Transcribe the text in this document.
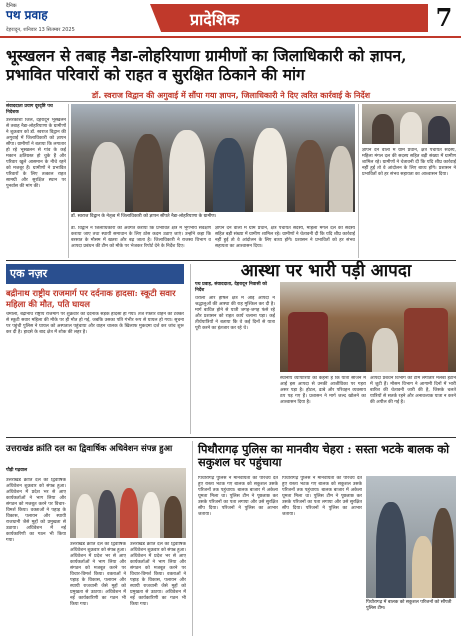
दैनिक
पथ प्रवाह
देहरादून, शनिवार 13 सितम्बर 2025
प्रादेशिक	7
भूस्खलन से तबाह नैडा-लोहरियाणा ग्रामीणों का जिलाधिकारी को ज्ञापन, प्रभावित परिवारों को राहत व सुरक्षित ठिकाने की मांग
डॉ. स्वराज विद्वान की अगुवाई में सौंपा गया ज्ञापन, जिलाधिकारी ने दिए त्वरित कार्रवाई के निर्देश
संवाददाता प्रयाग दूरदृष्टि पथ निदेशक
उत्तरकाशी जिले, देहरादून भूस्खलन से तबाह नैडा-लोहरियाणा के ग्रामीणों ने शुक्रवार को डॉ. स्वराज विद्वान की अगुवाई में जिलाधिकारी को ज्ञापन सौंपा। ग्रामीणों ने बताया कि लगातार हो रहे भूस्खलन से गांव के कई मकान क्षतिग्रस्त हो चुके हैं और परिवार खुले आसमान के नीचे रहने को मजबूर हैं। ग्रामीणों ने प्रभावित परिवारों के लिए तत्काल राहत सामग्री और सुरक्षित स्थान पर पुनर्वास की मांग की।
डॉ. स्वराज विद्वान के नेतृत्व में जिलाधिकारी को ज्ञापन सौंपते नैडा-लोहरियाणा के ग्रामीण।
डॉ. विद्वान ने जिलाधिकारी को अवगत कराया कि प्रभावित क्षेत्र में भूगर्भीय सर्वेक्षण कराया जाए तथा स्थायी समाधान के लिए ठोस कदम उठाए जाएं। उन्होंने कहा कि बरसात के मौसम में खतरा और बढ़ जाता है। जिलाधिकारी ने राजस्व विभाग व आपदा प्रबंधन की टीम को मौके पर भेजकर रिपोर्ट देने के निर्देश दिए।
ज्ञापन देने वालों में ग्राम प्रधान, क्षेत्र पंचायत सदस्य, महिला मंगल दल की सदस्य सहित बड़ी संख्या में ग्रामीण शामिल रहे। ग्रामीणों ने चेतावनी दी कि यदि शीघ्र कार्रवाई नहीं हुई तो वे आंदोलन के लिए बाध्य होंगे। प्रशासन ने प्रभावितों को हर संभव सहायता का आश्वासन दिया।
ज्ञापन देने वालों में ग्राम प्रधान, क्षेत्र पंचायत सदस्य, महिला मंगल दल की सदस्य सहित बड़ी संख्या में ग्रामीण शामिल रहे। ग्रामीणों ने चेतावनी दी कि यदि शीघ्र कार्रवाई नहीं हुई तो वे आंदोलन के लिए बाध्य होंगे। प्रशासन ने प्रभावितों को हर संभव सहायता का आश्वासन दिया।
एक नज़र
बद्रीनाथ राष्ट्रीय राजमार्ग पर दर्दनाक हादसा: स्कूटी सवार महिला की मौत, पति घायल
चमोली, बद्रीनाथ राष्ट्रीय राजमार्ग पर शुक्रवार को दर्दनाक सड़क हादसा हो गया। तेज रफ्तार वाहन की टक्कर से स्कूटी सवार महिला की मौके पर ही मौत हो गई, जबकि उसका पति गंभीर रूप से घायल हो गया। सूचना पर पहुंची पुलिस ने घायल को अस्पताल पहुंचाया और वाहन चालक के खिलाफ मुकदमा दर्ज कर जांच शुरू कर दी है। हादसे के बाद क्षेत्र में शोक की लहर है।
आस्था पर भारी पड़ी आपदा
पथ प्रवाह, संवाददाता, देहरादून निवासी को निर्देश
धराली और हर्षिल क्षेत्र में आई आपदा ने श्रद्धालुओं की आस्था की राह मुश्किल कर दी है। मार्ग बाधित होने से यात्री जगह-जगह फंसे रहे और प्रशासन को राहत कार्य चलाना पड़ा। कई तीर्थयात्रियों ने बताया कि वे कई दिनों से यात्रा पूरी करने का इंतजार कर रहे थे।
स्थानीय व्यापारियों का कहना है कि यात्रा सीजन में आई इस आपदा से उनकी आजीविका पर गहरा असर पड़ा है। होटल, ढाबे और परिवहन व्यवसाय ठप पड़ गए हैं। प्रशासन ने मार्ग जल्द खोलने का आश्वासन दिया है।
आपदा प्रबंधन विभाग की टीमें लगातार मलबा हटाने में जुटी हैं। मौसम विभाग ने आगामी दिनों में भारी बारिश की चेतावनी जारी की है, जिसके चलते यात्रियों से सतर्क रहने और अनावश्यक यात्रा न करने की अपील की गई है।
उत्तराखंड क्रांति दल का द्विवार्षिक अधिवेशन संपन्न हुआ
पौड़ी गढ़वाल
उत्तराखंड क्रांति दल का द्विवार्षिक अधिवेशन शुक्रवार को संपन्न हुआ। अधिवेशन में प्रदेश भर से आए कार्यकर्ताओं ने भाग लिया और संगठन को मजबूत करने पर विचार-विमर्श किया। वक्ताओं ने पहाड़ के विकास, पलायन और स्थायी राजधानी जैसे मुद्दों को प्रमुखता से उठाया। अधिवेशन में नई कार्यकारिणी का गठन भी किया गया।
उत्तराखंड क्रांति दल का द्विवार्षिक अधिवेशन शुक्रवार को संपन्न हुआ। अधिवेशन में प्रदेश भर से आए कार्यकर्ताओं ने भाग लिया और संगठन को मजबूत करने पर विचार-विमर्श किया। वक्ताओं ने पहाड़ के विकास, पलायन और स्थायी राजधानी जैसे मुद्दों को प्रमुखता से उठाया। अधिवेशन में नई कार्यकारिणी का गठन भी किया गया।
उत्तराखंड क्रांति दल का द्विवार्षिक अधिवेशन शुक्रवार को संपन्न हुआ। अधिवेशन में प्रदेश भर से आए कार्यकर्ताओं ने भाग लिया और संगठन को मजबूत करने पर विचार-विमर्श किया। वक्ताओं ने पहाड़ के विकास, पलायन और स्थायी राजधानी जैसे मुद्दों को प्रमुखता से उठाया। अधिवेशन में नई कार्यकारिणी का गठन भी किया गया।
पिथौरागढ़ पुलिस का मानवीय चेहरा : सस्ता भटके बालक को सकुशल घर पहुंचाया
पिथौरागढ़ पुलिस ने मानवीयता का परिचय देते हुए रास्ता भटक गए बालक को सकुशल उसके परिजनों तक पहुंचाया। बालक बाजार में अकेला घूमता मिला था। पुलिस टीम ने पूछताछ कर उसके परिजनों का पता लगाया और उसे सुरक्षित सौंप दिया। परिजनों ने पुलिस का आभार जताया।
पिथौरागढ़ पुलिस ने मानवीयता का परिचय देते हुए रास्ता भटक गए बालक को सकुशल उसके परिजनों तक पहुंचाया। बालक बाजार में अकेला घूमता मिला था। पुलिस टीम ने पूछताछ कर उसके परिजनों का पता लगाया और उसे सुरक्षित सौंप दिया। परिजनों ने पुलिस का आभार जताया।
पिथौरागढ़ में बालक को सकुशल परिजनों को सौंपती पुलिस टीम।
